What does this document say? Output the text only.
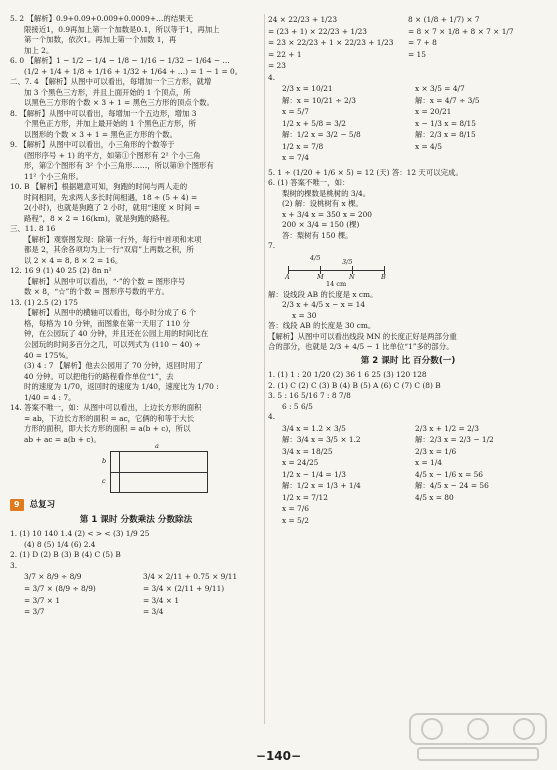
5. 2 【解析】0.9+0.09+0.009+0.0009+…的结果无
限接近1，0.9再加上第一个加数是0.1，所以等于1，再加上
第一个加数，依次1。再加上第一个加数 1，再
加上 2。
6. 0 【解析】1 − 1/2 − 1/4 − 1/8 − 1/16 − 1/32 − 1/64 − …
(1/2 + 1/4 + 1/8 + 1/16 + 1/32 + 1/64 + …) = 1 − 1 = 0。
二、7. 4 【解析】从图中可以看出，每增加一个三方形，就增
加 3 个黑色三方形，并且上面开始的 1 个顶点，所
以黑色三方形的个数 × 3 + 1 = 黑色三方形的顶点个数。
8. 【解析】从图中可以看出，每增加一个五边形，增加 3
个黑色正方形，并加上最开始的 1 个黑色正方形，所
以图形的个数 × 3 + 1 = 黑色正方形的个数。
9. 【解析】从图中可以看出，小三角形的个数等于
(图形序号 + 1) 的平方，如第①个图形有 2² 个小三角
形，第②个图形有 3² 个小三角形……，所以第⑩个图形有
11² 个小三角形。
10. B 【解析】根据题意可知，狗跑的时间与两人走的
时间相同，先求两人多长时间相遇，18 ÷ (5 + 4) =
2(小时)，也就是狗跑了 2 小时，就用“速度 × 时间 =
路程”，8 × 2 = 16(km)，就是狗跑的路程。
三、11. 8 16
【解析】观察图发现：除第一行外，每行中首项和末项
都是 2，其余各项均为上一行“双肩”上两数之积，所
以 2 × 4 = 8, 8 × 2 = 16。
12. 16 9 (1) 40 25 (2) 8n n²
【解析】从图中可以看出，“·”的个数 = 图形序号
数 × 8，“☆”的个数 = 图形序号数的平方。
13. (1) 2.5 (2) 175
【解析】从图中的横轴可以看出，每小时分成了 6 个
格，每格为 10 分钟，而图象在第一天用了 110 分
钟，在公园玩了 40 分钟，并且还在公园上用的时间比在
公园玩的时间多百分之几，可以列式为 (110 − 40) ÷
40 = 175%。
(3) 4 : 7 【解析】他去公园用了 70 分钟，返回时用了
40 分钟。可以把他行的路程看作单位“1”，去
时的速度为 1/70，返回时的速度为 1/40，速度比为 1/70 :
1/40 = 4 : 7。
14. 答案不唯一，如：从图中可以看出，上边长方形的面积
= ab，下边长方形的面积 = ac，它俩的和等于大长
方形的面积，即大长方形的面积 = a(b + c)，所以
ab + ac = a(b + c)。
a
b
c
9	总复习
第 1 课时 分数乘法 分数除法
1. (1) 10 140 1.4 (2) < > < (3) 1/9 25
(4) 8 (5) 1/4 (6) 2.4
2. (1) D (2) B (3) B (4) C (5) B
3.
3/7 × 8/9 ÷ 8/9
= 3/7 × (8/9 ÷ 8/9)
= 3/7 × 1
= 3/7
3/4 × 2/11 + 0.75 × 9/11
= 3/4 × (2/11 + 9/11)
= 3/4 × 1
= 3/4
24 × 22/23 + 1/23
= (23 + 1) × 22/23 + 1/23
= 23 × 22/23 + 1 × 22/23 + 1/23
= 22 + 1
= 23
8 × (1/8 + 1/7) × 7
= 8 × 7 × 1/8 + 8 × 7 × 1/7
= 7 + 8
= 15
4.
2/3 x = 10/21
解：x = 10/21 ÷ 2/3
x = 5/7
1/2 x + 5/8 = 3/2
解：1/2 x = 3/2 − 5/8
1/2 x = 7/8
x = 7/4
x × 3/5 = 4/7
解：x = 4/7 ÷ 3/5
x = 20/21
x − 1/3 x = 8/15
解：2/3 x = 8/15
x = 4/5
5. 1 ÷ (1/20 + 1/6 × 5) = 12 (天) 答：12 天可以完成。
6. (1) 答案不唯一，如：
梨树的棵数是桃树的 3/4。
(2) 解：设桃树有 x 棵。
x + 3/4 x = 350 x = 200
200 × 3/4 = 150 (棵)
答：梨树有 150 棵。
7.
4/5	3/5
A	M	N	B
14 cm
解：设线段 AB 的长度是 x cm。
2/3 x + 4/5 x − x = 14
x = 30
答：线段 AB 的长度是 30 cm。
【解析】从图中可以看出线段 MN 的长度正好是两部分重
合的部分，也就是 2/3 + 4/5 − 1 比单位“1”多的部分。
第 2 课时 比 百分数(一)
1. (1) 1 : 20 1/20 (2) 36 1 6 25 (3) 120 128
2. (1) C (2) C (3) B (4) B (5) A (6) C (7) C (8) B
3. 5 : 16 5/16 7 : 8 7/8
6 : 5 6/5
4.
3/4 x = 1.2 × 3/5
解：3/4 x = 3/5 × 1.2
3/4 x = 18/25
x = 24/25
1/2 x − 1/4 = 1/3
解：1/2 x = 1/3 + 1/4
1/2 x = 7/12
x = 7/6
x = 5/2
2/3 x + 1/2 = 2/3
解：2/3 x = 2/3 − 1/2
2/3 x = 1/6
x = 1/4
4/5 x − 1/6 x = 56
解：4/5 x − 24 = 56
4/5 x = 80
−140−
